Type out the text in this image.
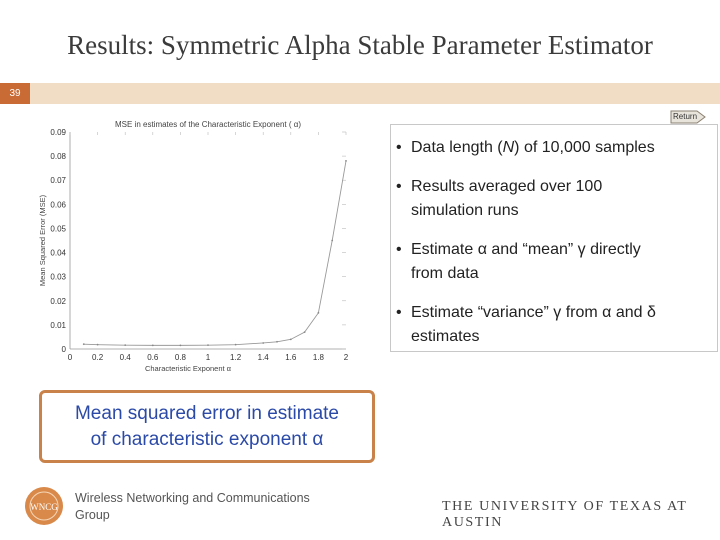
Results: Symmetric Alpha Stable Parameter Estimator
39
Return
MSE in estimates of the Characteristic Exponent ( α)
0
0.01
0.02
0.03
0.04
0.05
0.06
0.07
0.08
0.09
0 0.2 0.4 0.6 0.8 1 1.2 1.4 1.6 1.8 2
Characteristic Exponent α
Mean Squared Error (MSE)
• Data length (N) of 10,000 samples
• Results averaged over 100
simulation runs
• Estimate α and “mean” γ directly
from data
• Estimate “variance” γ from α and δ
estimates
Mean squared error in estimate
of characteristic exponent α
WNCG
Wireless Networking and Communications
Group
THE UNIVERSITY OF TEXAS AT AUSTIN
